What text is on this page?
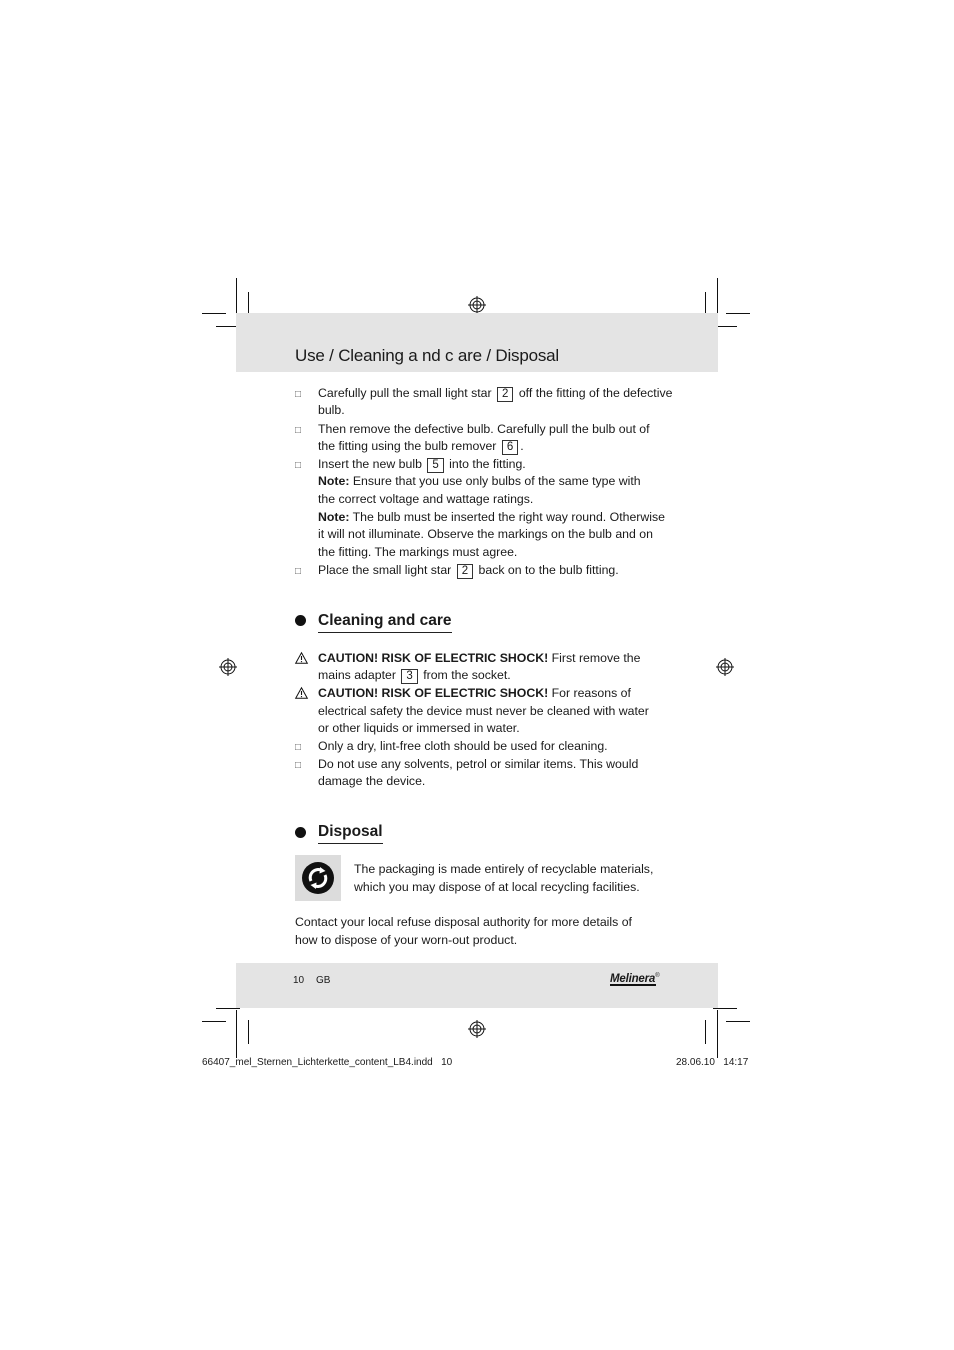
Use / Cleaning a nd c are / Disposal
□ Carefully pull the small light star 2 off the fitting of the defective
bulb.
□ Then remove the defective bulb. Carefully pull the bulb out of
the fitting using the bulb remover 6 .
□ Insert the new bulb 5 into the fitting.
Note: Ensure that you use only bulbs of the same type with
the correct voltage and wattage ratings.
Note: The bulb must be inserted the right way round. Otherwise
it will not illuminate. Observe the markings on the bulb and on
the fitting. The markings must agree.
□ Place the small light star 2 back on to the bulb fitting.
Cleaning and care
CAUTION! RISK OF ELECTRIC SHOCK! First remove the
mains adapter 3 from the socket.
CAUTION! RISK OF ELECTRIC SHOCK! For reasons of
electrical safety the device must never be cleaned with water
or other liquids or immersed in water.
□ Only a dry, lint-free cloth should be used for cleaning.
□ Do not use any solvents, petrol or similar items. This would
damage the device.
Disposal
The packaging is made entirely of recyclable materials,
which you may dispose of at local recycling facilities.
Contact your local refuse disposal authority for more details of
how to dispose of your worn-out product.
10 GB	Melinera®
66407_mel_Sternen_Lichterkette_content_LB4.indd   10	28.06.10   14:17
